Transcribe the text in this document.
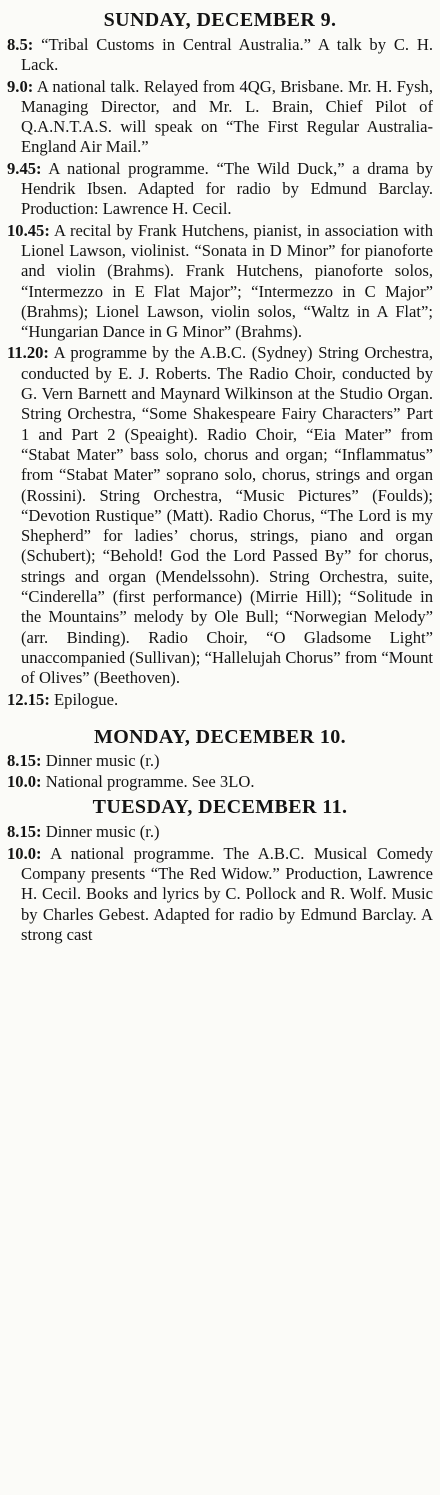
SUNDAY, DECEMBER 9.

8.5: “Tribal Customs in Central Australia.” A talk by C. H. Lack.

9.0: A national talk. Relayed from 4QG, Brisbane. Mr. H. Fysh, Managing Director, and Mr. L. Brain, Chief Pilot of Q.A.N.T.A.S. will speak on “The First Regular Australia-England Air Mail.”

9.45: A national programme. “The Wild Duck,” a drama by Hendrik Ibsen. Adapted for radio by Edmund Barclay. Production: Lawrence H. Cecil.

10.45: A recital by Frank Hutchens, pianist, in association with Lionel Lawson, violinist. “Sonata in D Minor” for pianoforte and violin (Brahms). Frank Hutchens, pianoforte solos, “Intermezzo in E Flat Major”; “Intermezzo in C Major” (Brahms); Lionel Lawson, violin solos, “Waltz in A Flat”; “Hungarian Dance in G Minor” (Brahms).

11.20: A programme by the A.B.C. (Sydney) String Orchestra, conducted by E. J. Roberts. The Radio Choir, conducted by G. Vern Barnett and Maynard Wilkinson at the Studio Organ. String Orchestra, “Some Shakespeare Fairy Characters” Part 1 and Part 2 (Speaight). Radio Choir, “Eia Mater” from “Stabat Mater” bass solo, chorus and organ; “Inflammatus” from “Stabat Mater” soprano solo, chorus, strings and organ (Rossini). String Orchestra, “Music Pictures” (Foulds); “Devotion Rustique” (Matt). Radio Chorus, “The Lord is my Shepherd” for ladies’ chorus, strings, piano and organ (Schubert); “Behold! God the Lord Passed By” for chorus, strings and organ (Mendelssohn). String Orchestra, suite, “Cinderella” (first performance) (Mirrie Hill); “Solitude in the Mountains” melody by Ole Bull; “Norwegian Melody” (arr. Binding). Radio Choir, “O Gladsome Light” unaccompanied (Sullivan); “Hallelujah Chorus” from “Mount of Olives” (Beethoven).

12.15: Epilogue.

MONDAY, DECEMBER 10.

8.15: Dinner music (r.)

10.0: National programme. See 3LO.

TUESDAY, DECEMBER 11.

8.15: Dinner music (r.)

10.0: A national programme. The A.B.C. Musical Comedy Company presents “The Red Widow.” Production, Lawrence H. Cecil. Books and lyrics by C. Pollock and R. Wolf. Music by Charles Gebest. Adapted for radio by Edmund Barclay. A strong cast
